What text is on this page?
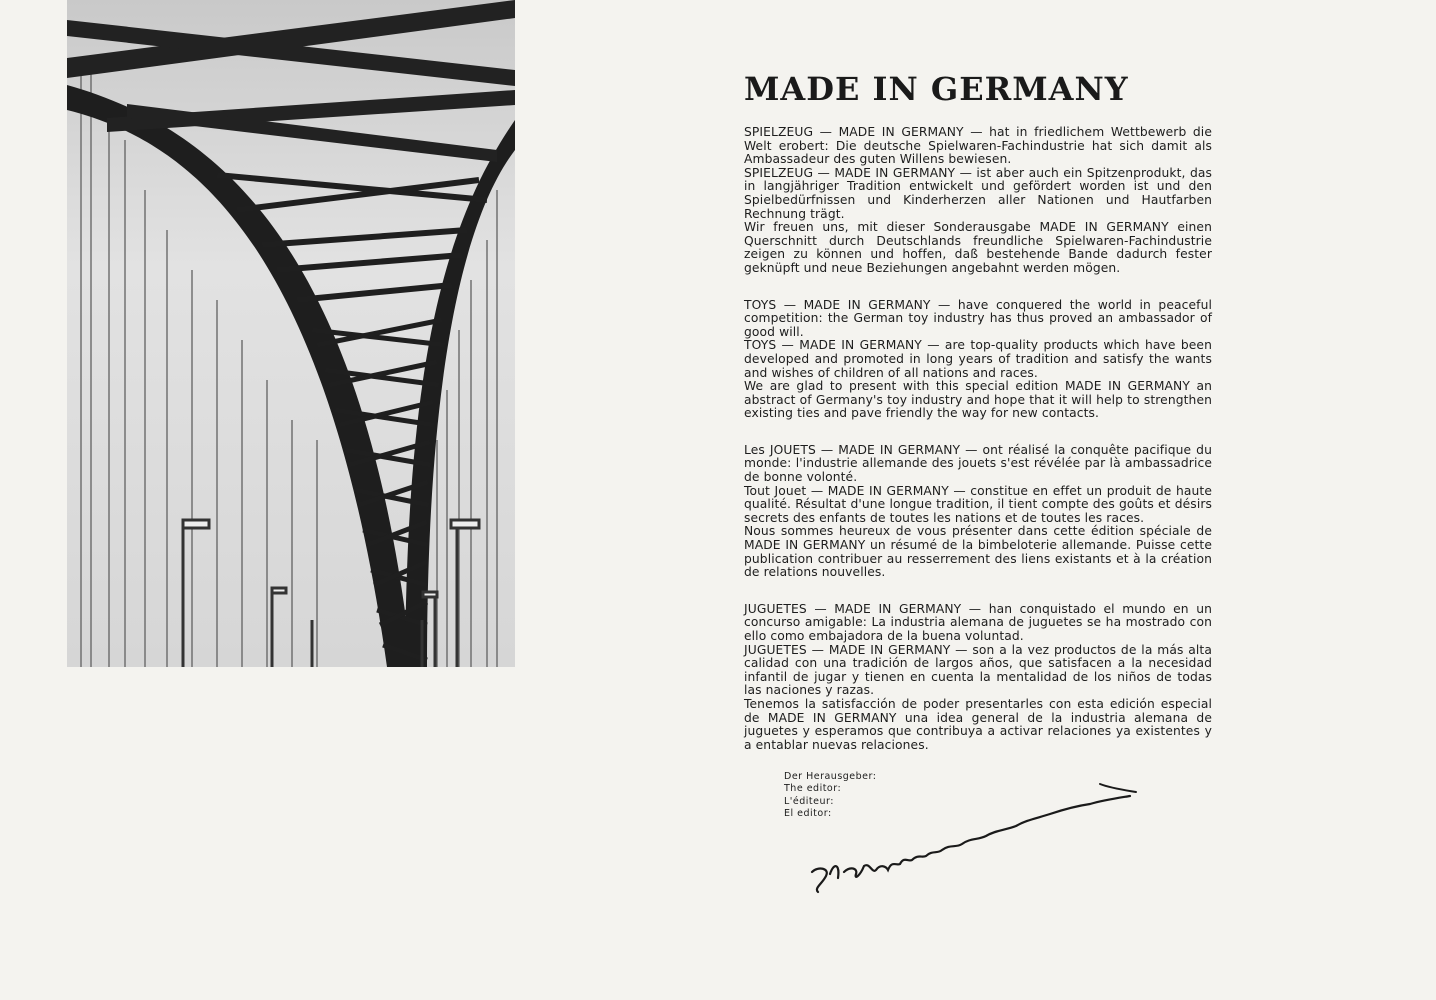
MADE IN GERMANY

SPIELZEUG — MADE IN GERMANY — hat in friedlichem Wettbewerb die Welt erobert: Die deutsche Spielwaren-Fachindustrie hat sich damit als Ambassadeur des guten Willens bewiesen.

SPIELZEUG — MADE IN GERMANY — ist aber auch ein Spitzenprodukt, das in langjähriger Tradition entwickelt und gefördert worden ist und den Spielbedürfnissen und Kinderherzen aller Nationen und Hautfarben Rechnung trägt.

Wir freuen uns, mit dieser Sonderausgabe MADE IN GERMANY einen Querschnitt durch Deutschlands freundliche Spielwaren-Fachindustrie zeigen zu können und hoffen, daß bestehende Bande dadurch fester geknüpft und neue Beziehungen angebahnt werden mögen.

TOYS — MADE IN GERMANY — have conquered the world in peaceful competition: the German toy industry has thus proved an ambassador of good will.

TOYS — MADE IN GERMANY — are top-quality products which have been developed and promoted in long years of tradition and satisfy the wants and wishes of children of all nations and races.

We are glad to present with this special edition MADE IN GERMANY an abstract of Germany's toy industry and hope that it will help to strengthen existing ties and pave friendly the way for new contacts.

Les JOUETS — MADE IN GERMANY — ont réalisé la conquête pacifique du monde: l'industrie allemande des jouets s'est révélée par là ambassadrice de bonne volonté.

Tout Jouet — MADE IN GERMANY — constitue en effet un produit de haute qualité. Résultat d'une longue tradition, il tient compte des goûts et désirs secrets des enfants de toutes les nations et de toutes les races.

Nous sommes heureux de vous présenter dans cette édition spéciale de MADE IN GERMANY un résumé de la bimbeloterie allemande. Puisse cette publication contribuer au resserrement des liens existants et à la création de relations nouvelles.

JUGUETES — MADE IN GERMANY — han conquistado el mundo en un concurso amigable: La industria alemana de juguetes se ha mostrado con ello como embajadora de la buena voluntad.

JUGUETES — MADE IN GERMANY — son a la vez productos de la más alta calidad con una tradición de largos años, que satisfacen a la necesidad infantil de jugar y tienen en cuenta la mentalidad de los niños de todas las naciones y razas.

Tenemos la satisfacción de poder presentarles con esta edición especial de MADE IN GERMANY una idea general de la industria alemana de juguetes y esperamos que contribuya a activar relaciones ya existentes y a entablar nuevas relaciones.

Der Herausgeber:
The editor:
L'éditeur:
El editor:
